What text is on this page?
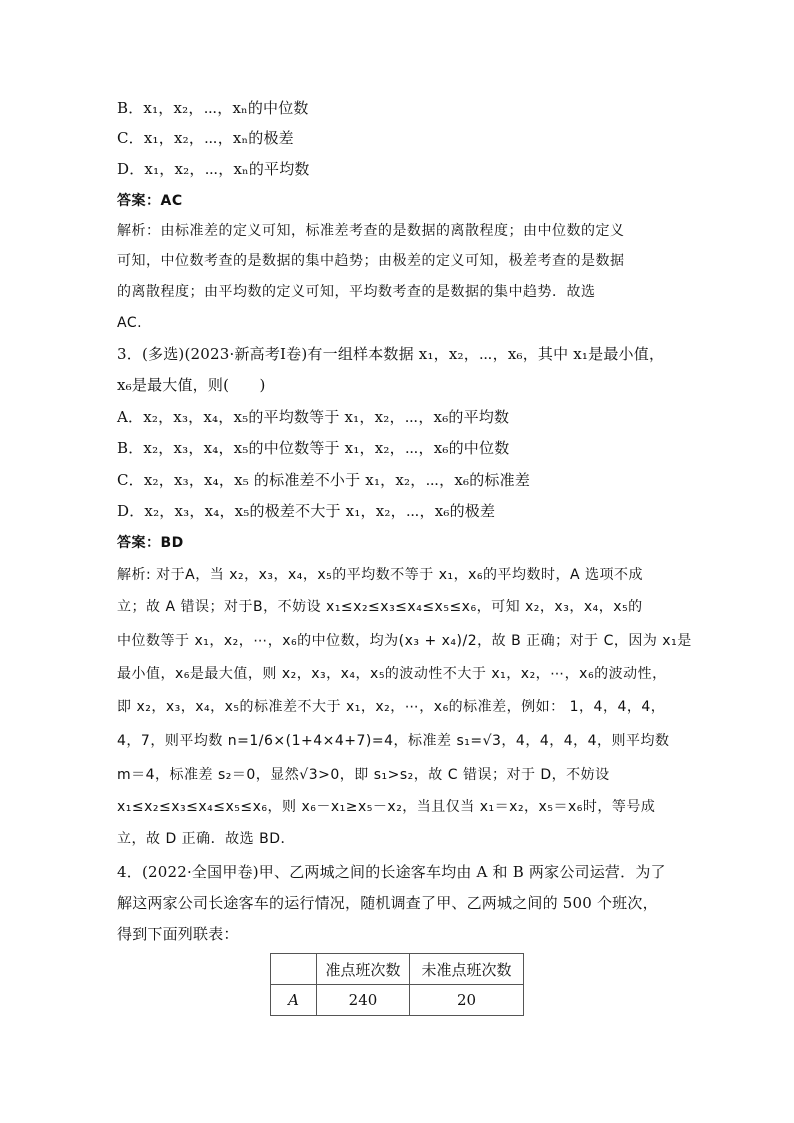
B．x₁，x₂，⋯，xₙ的中位数
C．x₁，x₂，⋯，xₙ的极差
D．x₁，x₂，⋯，xₙ的平均数
答案：AC
解析：由标准差的定义可知，标准差考查的是数据的离散程度；由中位数的定义
可知，中位数考查的是数据的集中趋势；由极差的定义可知，极差考查的是数据
的离散程度；由平均数的定义可知，平均数考查的是数据的集中趋势．故选
AC.
3．(多选)(2023·新高考Ⅰ卷)有一组样本数据 x₁，x₂，⋯，x₆，其中 x₁是最小值，
x₆是最大值，则(　　)
A．x₂，x₃，x₄，x₅的平均数等于 x₁，x₂，⋯，x₆的平均数
B．x₂，x₃，x₄，x₅的中位数等于 x₁，x₂，⋯，x₆的中位数
C．x₂，x₃，x₄，x₅ 的标准差不小于 x₁，x₂，⋯，x₆的标准差
D．x₂，x₃，x₄，x₅的极差不大于 x₁，x₂，⋯，x₆的极差
答案：BD
解析: 对于A，当 x₂，x₃，x₄，x₅的平均数不等于 x₁，x₆的平均数时，A 选项不成
立；故 A 错误；对于B，不妨设 x₁≤x₂≤x₃≤x₄≤x₅≤x₆，可知 x₂，x₃，x₄，x₅的
中位数等于 x₁，x₂，⋯，x₆的中位数，均为(x₃ + x₄)/2，故 B 正确；对于 C，因为 x₁是
最小值，x₆是最大值，则 x₂，x₃，x₄，x₅的波动性不大于 x₁，x₂，⋯，x₆的波动性，
即 x₂，x₃，x₄，x₅的标准差不大于 x₁，x₂，⋯，x₆的标准差，例如： 1，4，4，4，
4，7，则平均数 n=1/6×(1+4×4+7)=4，标准差 s₁=√3，4，4，4，4，则平均数
m＝4，标准差 s₂＝0，显然√3>0，即 s₁>s₂，故 C 错误；对于 D，不妨设
x₁≤x₂≤x₃≤x₄≤x₅≤x₆，则 x₆－x₁≥x₅－x₂，当且仅当 x₁＝x₂，x₅＝x₆时，等号成
立，故 D 正确．故选 BD．
4．(2022·全国甲卷)甲、乙两城之间的长途客车均由 A 和 B 两家公司运营．为了
解这两家公司长途客车的运行情况，随机调查了甲、乙两城之间的 500 个班次，
得到下面列联表：
	准点班次数	未准点班次数
A	240	20
